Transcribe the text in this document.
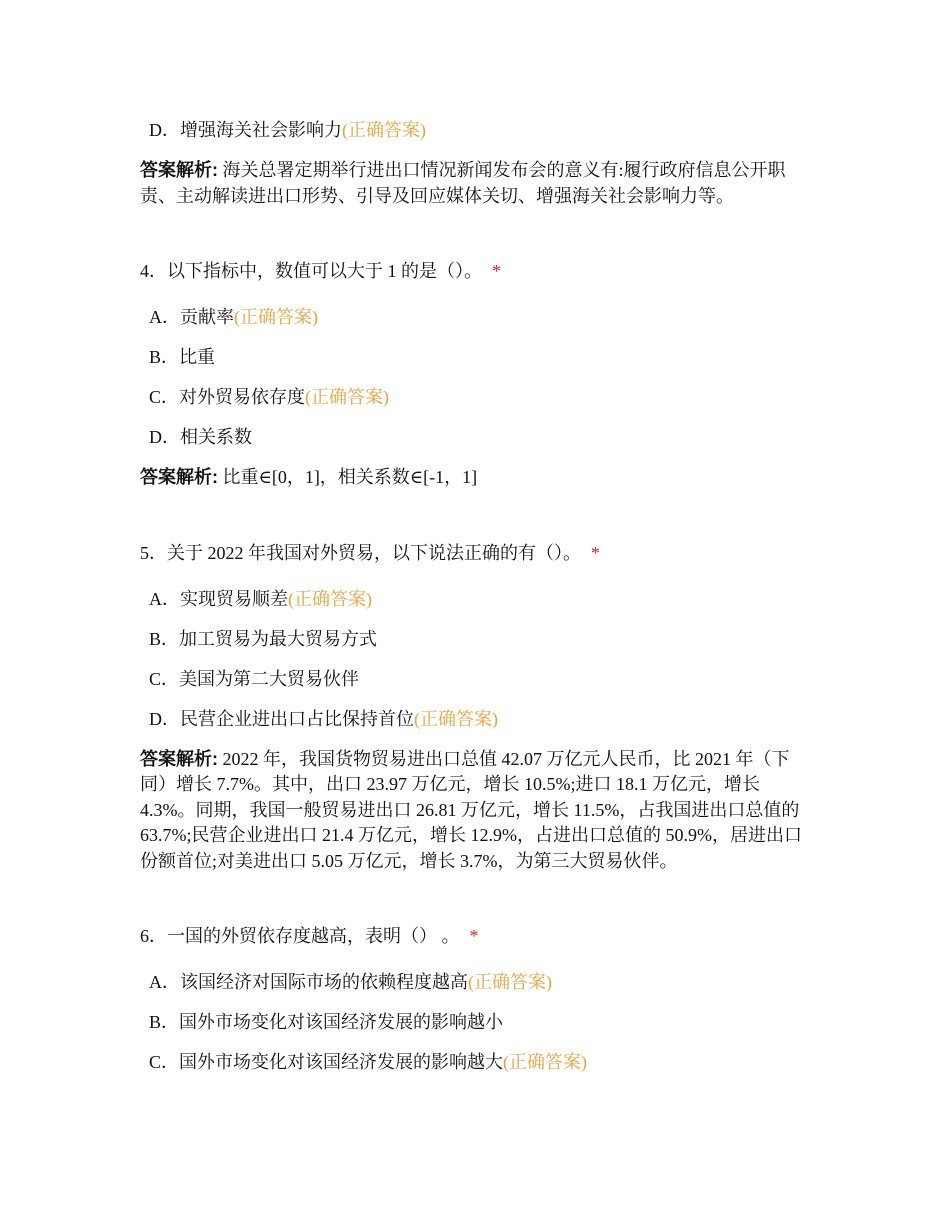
D．增强海关社会影响力(正确答案)
答案解析: 海关总署定期举行进出口情况新闻发布会的意义有:履行政府信息公开职责、主动解读进出口形势、引导及回应媒体关切、增强海关社会影响力等。
4．以下指标中，数值可以大于 1 的是（）。 *
A．贡献率(正确答案)
B．比重
C．对外贸易依存度(正确答案)
D．相关系数
答案解析: 比重∈[0，1]，相关系数∈[-1，1]
5．关于 2022 年我国对外贸易，以下说法正确的有（）。 *
A．实现贸易顺差(正确答案)
B．加工贸易为最大贸易方式
C．美国为第二大贸易伙伴
D．民营企业进出口占比保持首位(正确答案)
答案解析: 2022 年，我国货物贸易进出口总值 42.07 万亿元人民币，比 2021 年（下同）增长 7.7%。其中，出口 23.97 万亿元，增长 10.5%;进口 18.1 万亿元，增长 4.3%。同期，我国一般贸易进出口 26.81 万亿元，增长 11.5%，占我国进出口总值的 63.7%;民营企业进出口 21.4 万亿元，增长 12.9%，占进出口总值的 50.9%，居进出口份额首位;对美进出口 5.05 万亿元，增长 3.7%，为第三大贸易伙伴。
6．一国的外贸依存度越高，表明（） 。 *
A．该国经济对国际市场的依赖程度越高(正确答案)
B．国外市场变化对该国经济发展的影响越小
C．国外市场变化对该国经济发展的影响越大(正确答案)
